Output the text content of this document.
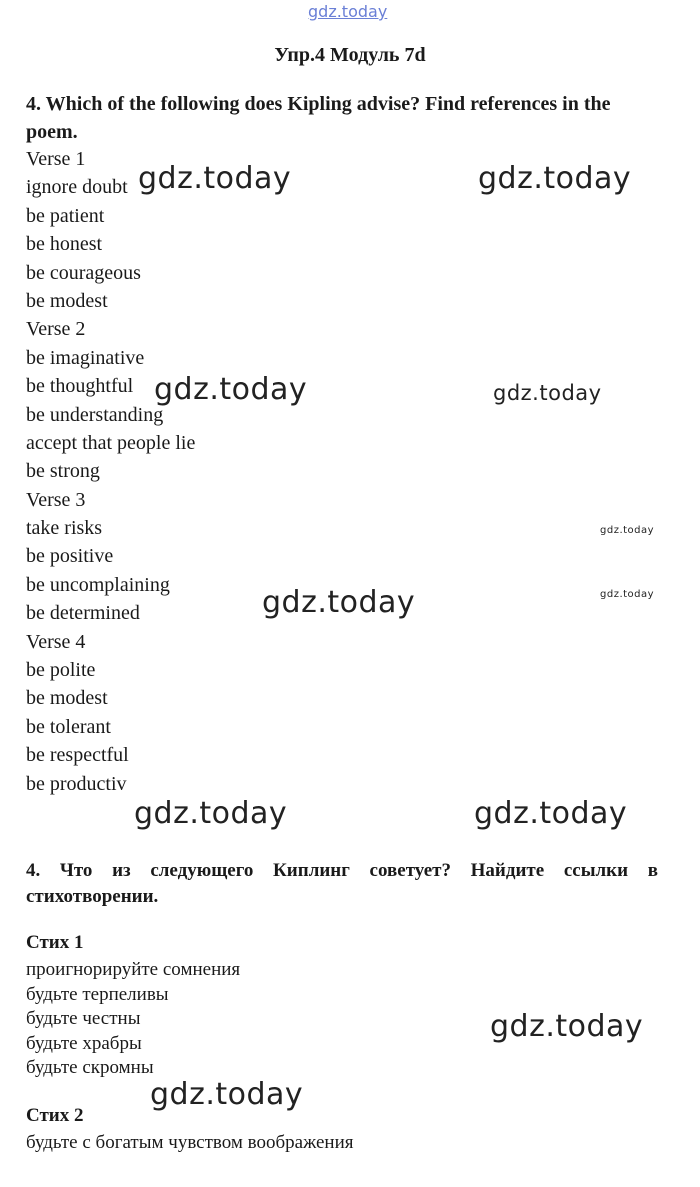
gdz.today
Упр.4 Модуль 7d
4. Which of the following does Kipling advise? Find references in the poem.
Verse 1
ignore doubt
be patient
be honest
be courageous
be modest
Verse 2
be imaginative
be thoughtful
be understanding
accept that people lie
be strong
Verse 3
take risks
be positive
be uncomplaining
be determined
Verse 4
be polite
be modest
be tolerant
be respectful
be productiv
4. Что из следующего Киплинг советует? Найдите ссылки в стихотворении.
Стих 1
проигнорируйте сомнения
будьте терпеливы
будьте честны
будьте храбры
будьте скромны
Стих 2
будьте с богатым чувством воображения
gdz.today	gdz.today
gdz.today	gdz.today
gdz.today
gdz.today	gdz.today
gdz.today	gdz.today
gdz.today
gdz.today
